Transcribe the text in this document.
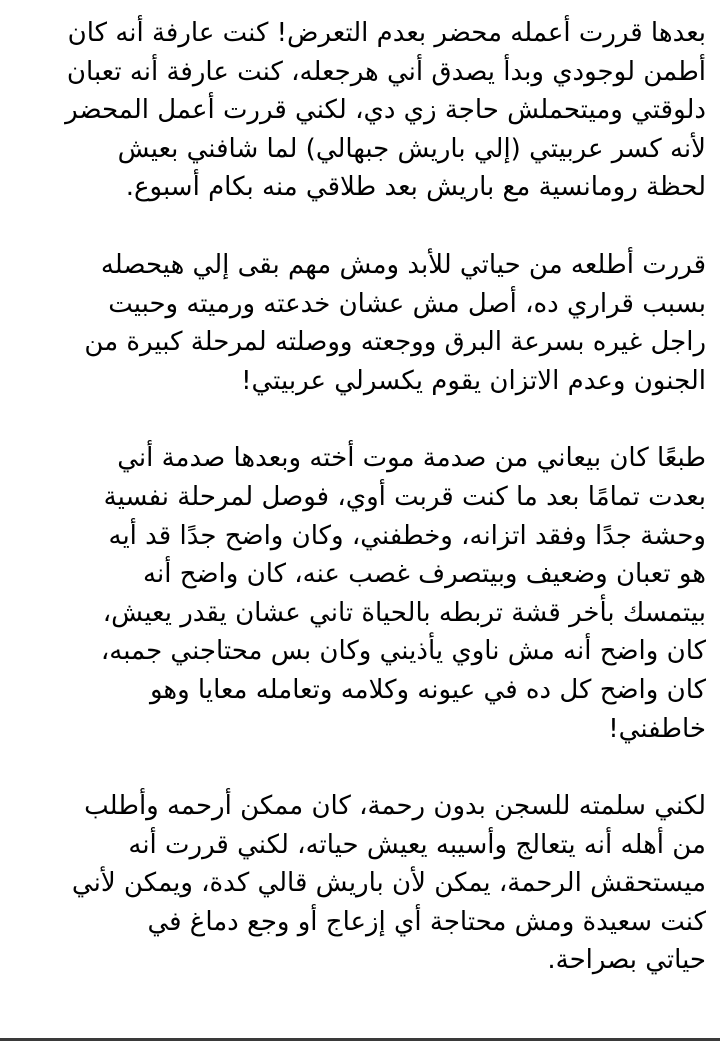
بعدها قررت أعمله محضر بعدم التعرض! كنت عارفة أنه كان
أطمن لوجودي وبدأ يصدق أني هرجعله، كنت عارفة أنه تعبان
دلوقتي وميتحملش حاجة زي دي، لكني قررت أعمل المحضر
لأنه كسر عربيتي (إلي باريش جبهالي) لما شافني بعيش
لحظة رومانسية مع باريش بعد طلاقي منه بكام أسبوع.
قررت أطلعه من حياتي للأبد ومش مهم بقى إلي هيحصله
بسبب قراري ده، أصل مش عشان خدعته ورميته وحبيت
راجل غيره بسرعة البرق ووجعته ووصلته لمرحلة كبيرة من
الجنون وعدم الاتزان يقوم يكسرلي عربيتي!
طبعًا كان بيعاني من صدمة موت أخته وبعدها صدمة أني
بعدت تمامًا بعد ما كنت قربت أوي، فوصل لمرحلة نفسية
وحشة جدًا وفقد اتزانه، وخطفني، وكان واضح جدًا قد أيه
هو تعبان وضعيف وبيتصرف غصب عنه، كان واضح أنه
بيتمسك بأخر قشة تربطه بالحياة تاني عشان يقدر يعيش،
كان واضح أنه مش ناوي يأذيني وكان بس محتاجني جمبه،
كان واضح كل ده في عيونه وكلامه وتعامله معايا وهو
خاطفني!
لكني سلمته للسجن بدون رحمة، كان ممكن أرحمه وأطلب
من أهله أنه يتعالج وأسيبه يعيش حياته، لكني قررت أنه
ميستحقش الرحمة، يمكن لأن باريش قالي كدة، ويمكن لأني
كنت سعيدة ومش محتاجة أي إزعاج أو وجع دماغ في
حياتي بصراحة.
